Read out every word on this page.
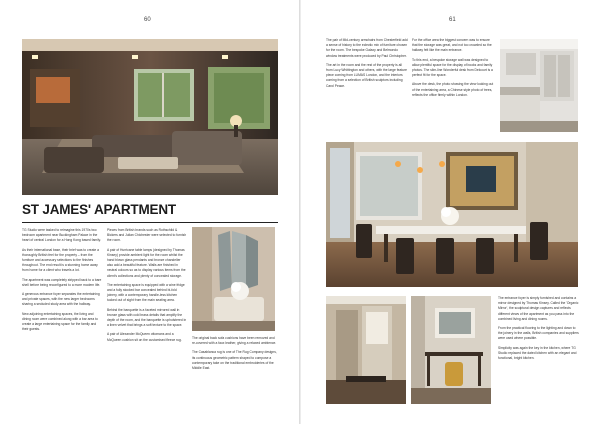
60	61
ST JAMES' APARTMENT

TG Studio were tasked to reimagine this 1970s two bedroom apartment near Buckingham Palace in the heart of central London for a Hong Kong based family.

As their international base, their brief was to create a thoroughly British feel for the property – from the furniture and accessory selections to the finishes throughout. The end result is a stunning home away from home for a client who travels a lot.

The apartment was completely stripped back to a bare shell before being reconfigured to a more modern life.

A generous entrance foyer separates the entertaining and private spaces, with the new larger bedrooms sharing a secluded study area with the hallway.

New adjoining entertaining spaces, the living and dining room were combined along with a bar area to create a large entertaining space for the family and their guests.

Pieces from British brands such as Rothschild & Bickers and Julian Chichester were selected to furnish the room.

A pair of Hurricane table lamps (designed by Thomas Kinsey) provide ambient light for the room whilst the hand blown glass pendants and bronze chandelier also add a beautiful feature. Walls are finished in neutral colours so as to display various items from the client's collections and plenty of concealed storage.

The entertaining space is equipped with a wine fridge and a fully stocked bar concealed behind bi-fold joinery, with a contemporary handle-less kitchen tucked out of sight from the main seating area.

Behind the banquette is a faceted mirrored wall in bronze glass with cold brass details that amplify the depth of the room, and the banquette is upholstered in a linen velvet that brings a soft texture to the space.

A pair of Alexander McQueen ottomans and a McQueen cushion sit on the customised fleece rug.	The original back sofa cushions have been removed and re-covered with a faux leather, giving a relaxed ambience.

The Casablanca rug is one of The Rug Company designs, its continuous geometric pattern shaped to compose a contemporary take on the traditional embroideries of the Middle East.

The pair of Mid-century armchairs from Chesterfield add a sense of history to the eclectic mix of furniture chosen for the room. The bespoke Galaxy and Belmondo window treatments were produced by Paul Christopher.

The art in the room and the rest of the property is all from Lucy Whittington and others, with the large feature piece coming from LUMAS London, and the interiors coming from a selection of British sculptors including Carol Peace.

For the office area the biggest concern was to ensure that the storage was great, and not too crowded so the hallway felt like the main entrance.

To this end, a bespoke storage wall was designed to allow plentiful space for the display of books and family photos. The slim-line Wonderful desk from Delcourt is a perfect fit for the space.

Above the desk, the photo showing the view looking out of the entertaining area, a Chinese style photo of trees, reflects the office firmly within London.

The entrance foyer is simply furnished and contains a mirror designed by Thomas Kinsey. Called the 'Organic Mirror', the sculptural design captures and reflects different views of the apartment as you pass into the combined living and dining rooms.

From the practical flooring to the lighting and down to the joinery in the walls, British companies and suppliers were used where possible.

Simplicity was again the key in the kitchen, where TG Studio replaced the dated kitchen with an elegant and functional, bright kitchen.
